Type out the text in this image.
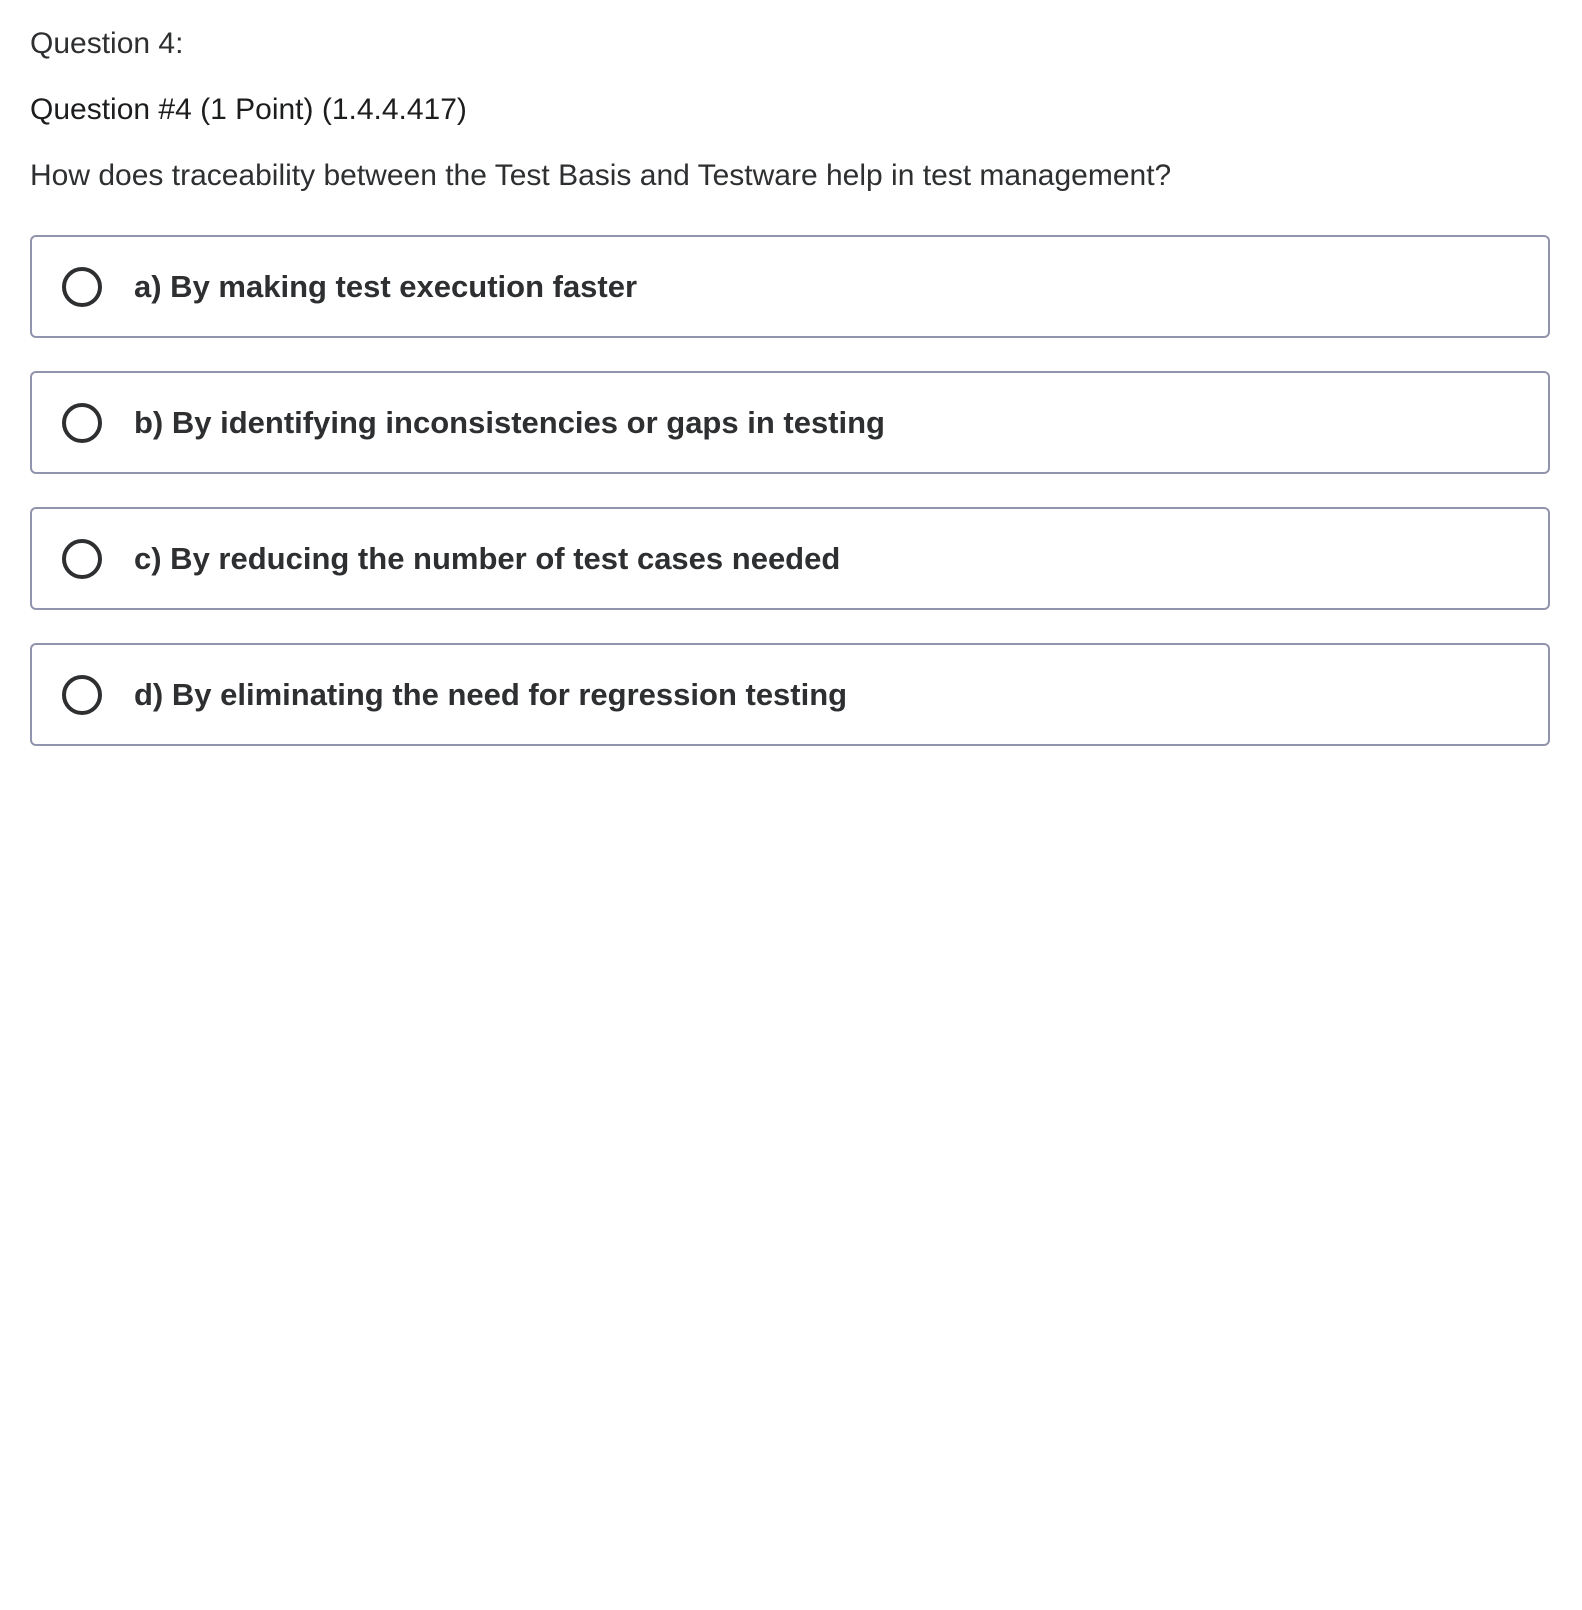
Question 4:
Question #4 (1 Point) (1.4.4.417)
How does traceability between the Test Basis and Testware help in test management?
a) By making test execution faster
b) By identifying inconsistencies or gaps in testing
c) By reducing the number of test cases needed
d) By eliminating the need for regression testing
